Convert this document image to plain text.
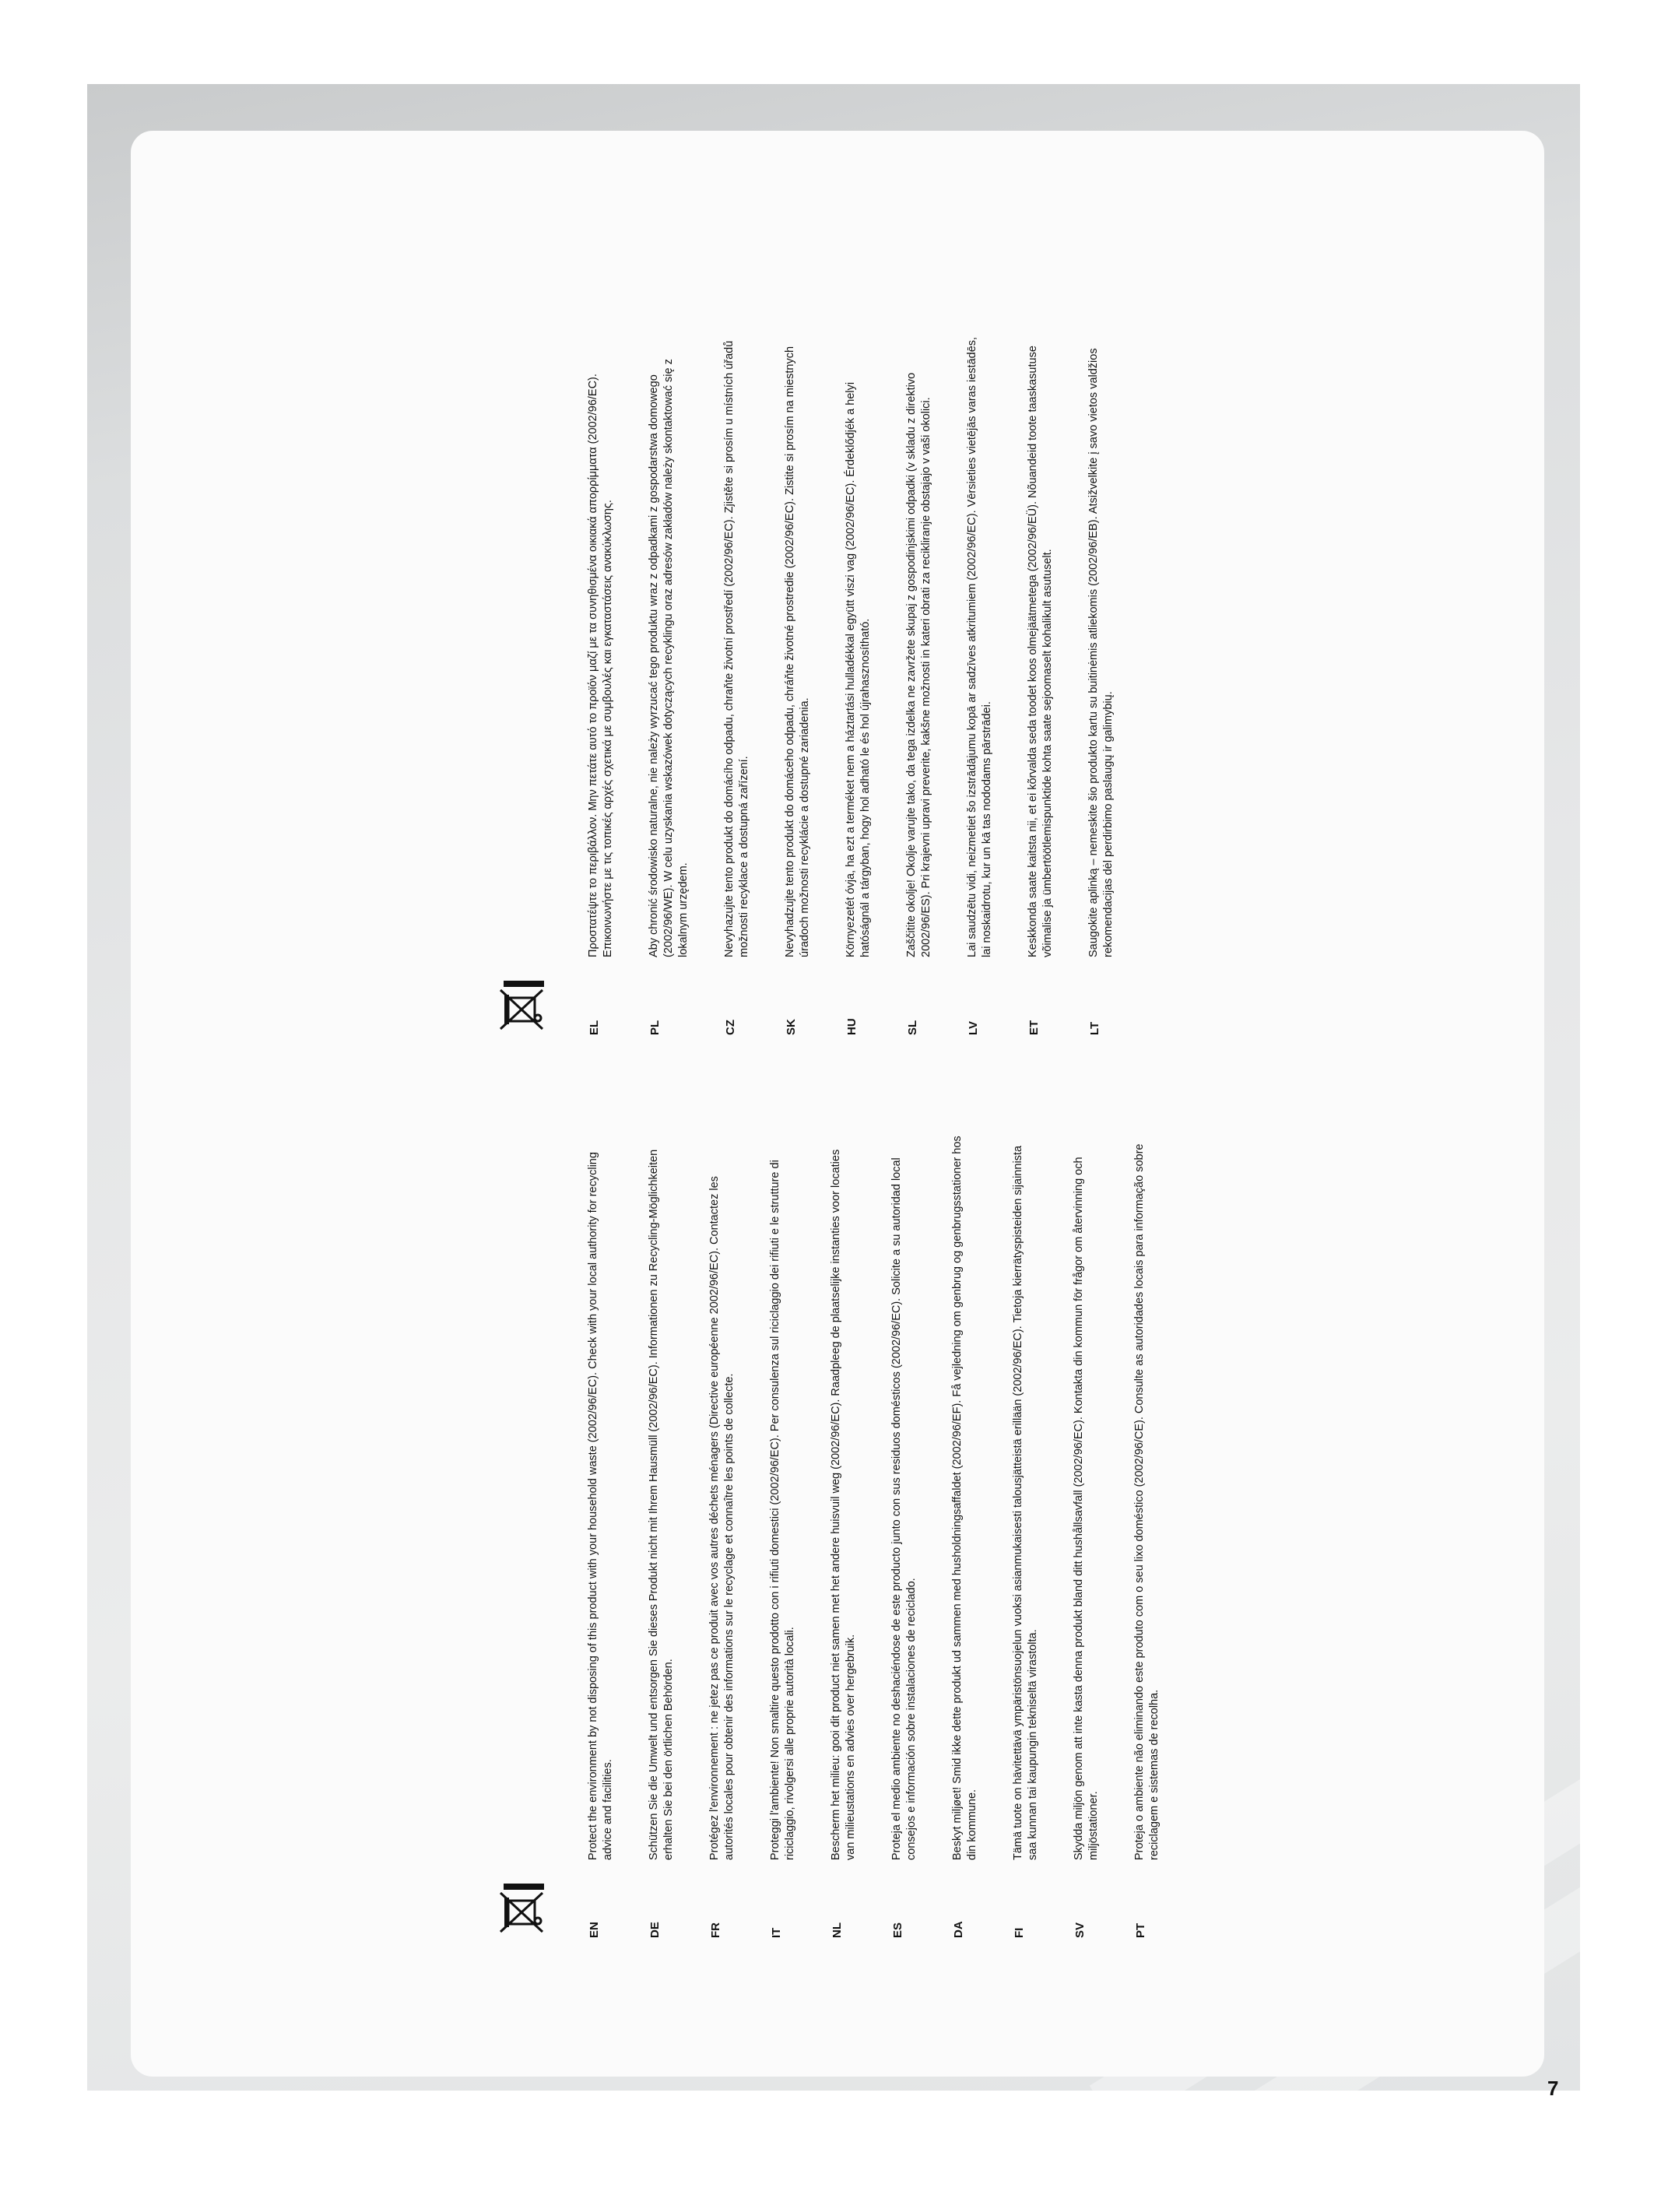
EN
Protect the environment by not disposing of this product with your household waste (2002/96/EC). Check with your local authority for recycling advice and facilities.
DE
Schützen Sie die Umwelt und entsorgen Sie dieses Produkt nicht mit Ihrem Hausmüll (2002/96/EC). Informationen zu Recycling-Möglichkeiten erhalten Sie bei den örtlichen Behörden.
FR
Protégez l'environnement : ne jetez pas ce produit avec vos autres déchets ménagers (Directive européenne 2002/96/EC). Contactez les autorités locales pour obtenir des informations sur le recyclage et connaître les points de collecte.
IT
Proteggi l'ambiente! Non smaltire questo prodotto con i rifiuti domestici (2002/96/EC). Per consulenza sul riciclaggio dei rifiuti e le strutture di riciclaggio, rivolgersi alle proprie autorità locali.
NL
Bescherm het milieu: gooi dit product niet samen met het andere huisvuil weg (2002/96/EC). Raadpleeg de plaatselijke instanties voor locaties van milieustations en advies over hergebruik.
ES
Proteja el medio ambiente no deshaciéndose de este producto junto con sus residuos domésticos (2002/96/EC). Solicite a su autoridad local consejos e información sobre instalaciones de reciclado.
DA
Beskyt miljøet! Smid ikke dette produkt ud sammen med husholdningsaffaldet (2002/96/EF). Få vejledning om genbrug og genbrugsstationer hos din kommune.
FI
Tämä tuote on hävitettävä ympäristönsuojelun vuoksi asianmukaisesti talousjätteistä erillään (2002/96/EC). Tietoja kierrätyspisteiden sijainnista saa kunnan tai kaupungin tekniseltä virastolta.
SV
Skydda miljön genom att inte kasta denna produkt bland ditt hushållsavfall (2002/96/EC). Kontakta din kommun för frågor om återvinning och miljöstationer.
PT
Proteja o ambiente não eliminando este produto com o seu lixo doméstico (2002/96/CE). Consulte as autoridades locais para informação sobre reciclagem e sistemas de recolha.
EL
Προστατέψτε το περιβάλλον. Μην πετάτε αυτό το προϊόν μαζί με τα συνηθισμένα οικιακά απορρίμματα (2002/96/EC). Επικοινωνήστε με τις τοπικές αρχές σχετικά με συμβουλές και εγκαταστάσεις ανακύκλωσης.
PL
Aby chronić środowisko naturalne, nie należy wyrzucać tego produktu wraz z odpadkami z gospodarstwa domowego (2002/96/WE). W celu uzyskania wskazówek dotyczących recyklingu oraz adresów zakładów należy skontaktować się z lokalnym urzędem.
CZ
Nevyhazujte tento produkt do domácího odpadu, chraňte životní prostředí (2002/96/EC). Zjistěte si prosím u místních úřadů možnosti recyklace a dostupná zařízení.
SK
Nevyhadzujte tento produkt do domáceho odpadu, chráňte životné prostredie (2002/96/EC). Zistite si prosím na miestnych úradoch možnosti recyklácie a dostupné zariadenia.
HU
Környezetét óvja, ha ezt a terméket nem a háztartási hulladékkal együtt viszi vag (2002/96/EC). Érdeklődjék a helyi hatóságnál a tárgyban, hogy hol adható le és hol újrahasznosítható.
SL
Zaščitite okolje! Okolje varujte tako, da tega izdelka ne zavržete skupaj z gospodinjskimi odpadki (v skladu z direktivo 2002/96/ES). Pri krajevni upravi preverite, kakšne možnosti in kateri obrati za recikliranje obstajajo v vaši okolici.
LV
Lai saudzētu vidi, neizmetiet šo izstrādājumu kopā ar sadzīves atkritumiem (2002/96/EC). Vērsieties vietējās varas iestādēs, lai noskaidrotu, kur un kā tas nododams pārstrādei.
ET
Keskkonda saate kaitsta nii, et ei kõrvalda seda toodet koos olmejäätmetega (2002/96/EÜ). Nõuandeid toote taaskasutuse võimalise ja ümbertöötlemispunktide kohta saate sejoomaselt kohalikult asutuselt.
LT
Saugokite aplinką – nemeskite šio produkto kartu su buitinėmis atliekomis (2002/96/EB). Atsižvelkite į savo vietos valdžios rekomendacijas dėl perdirbimo paslaugų ir galimybių.
7
